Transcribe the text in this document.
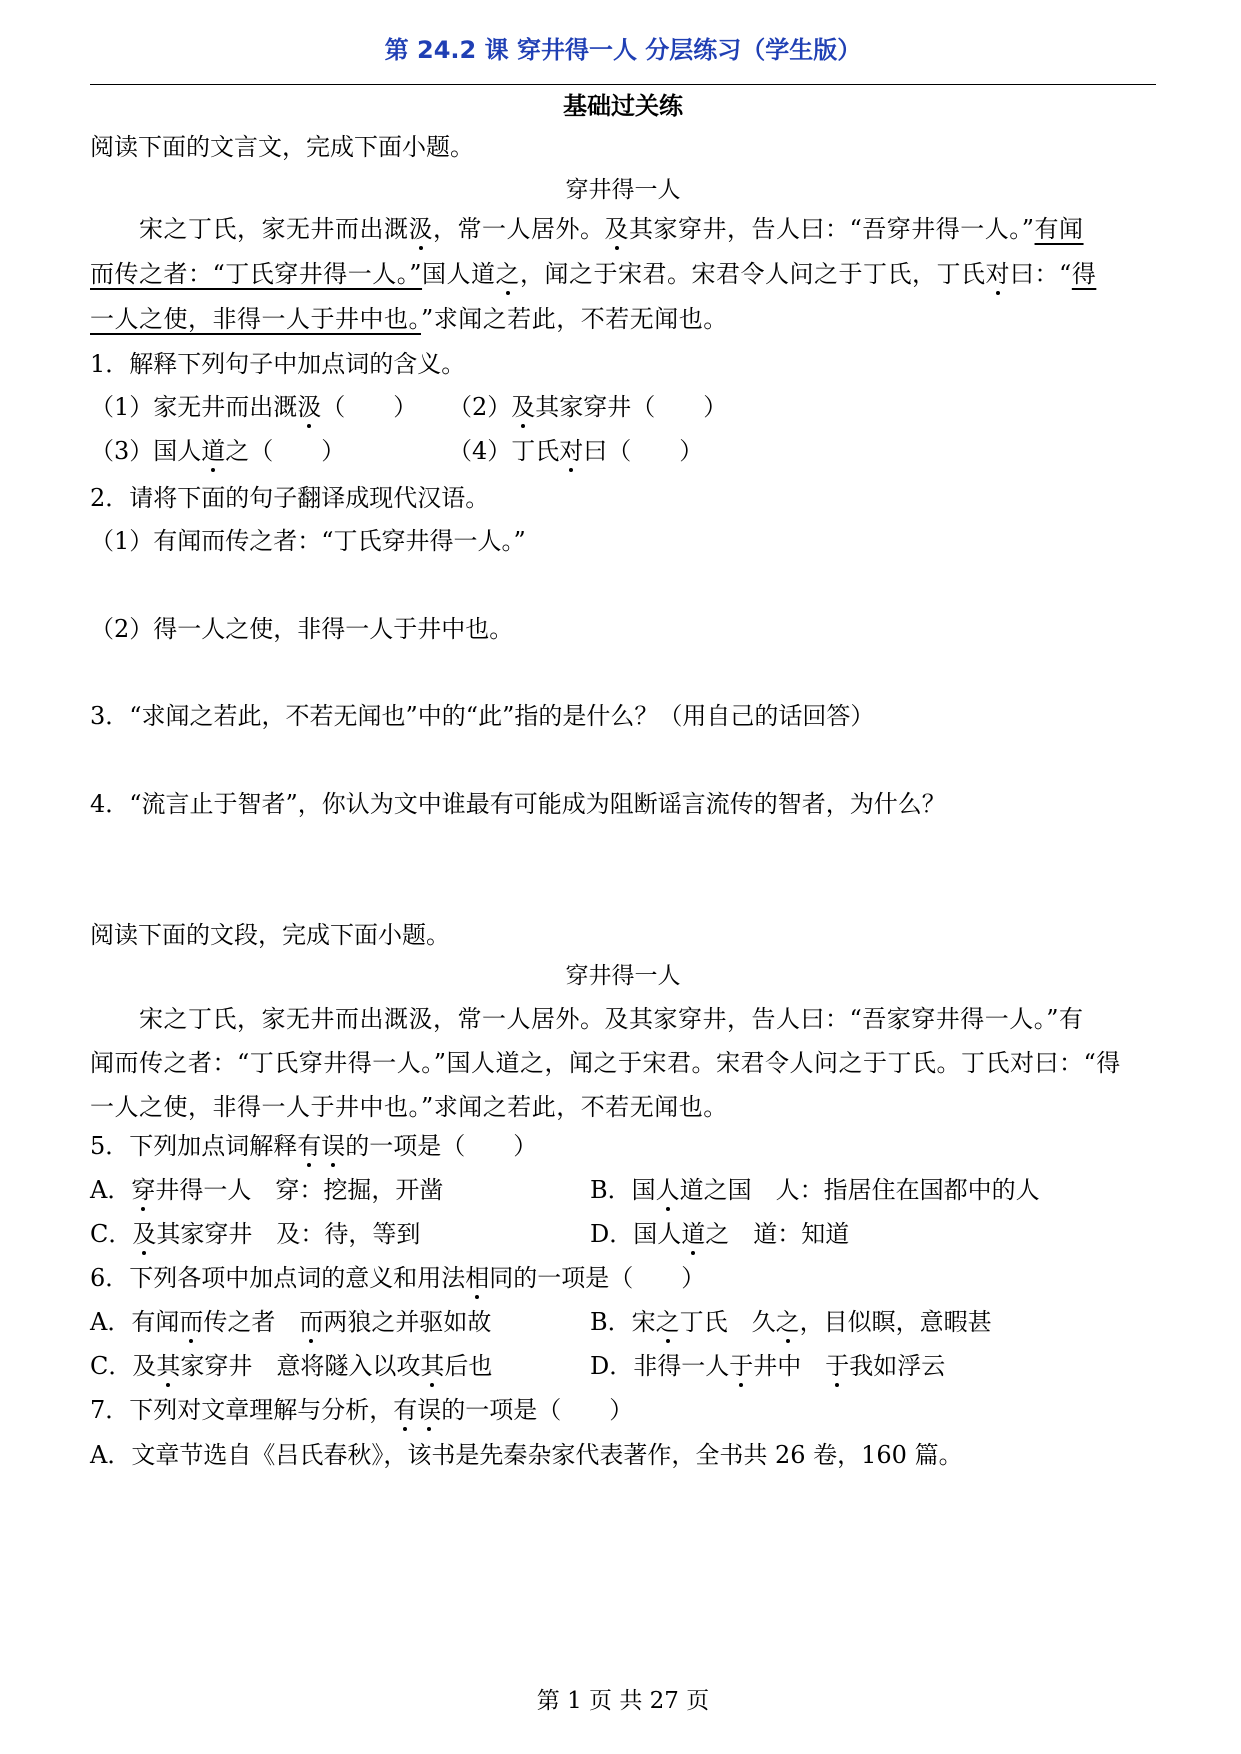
第 24.2 课 穿井得一人 分层练习（学生版）
基础过关练
阅读下面的文言文，完成下面小题。
穿井得一人
　　宋之丁氏，家无井而出溉汲，常一人居外。及其家穿井，告人曰：“吾穿井得一人。”有闻
而传之者：“丁氏穿井得一人。”国人道之，闻之于宋君。宋君令人问之于丁氏，丁氏对曰：“得
一人之使，非得一人于井中也。”求闻之若此，不若无闻也。
1．解释下列句子中加点词的含义。
（1）家无井而出溉汲（　　） （2）及其家穿井（　　）
（3）国人道之（　　）	（4）丁氏对曰（　　）
2．请将下面的句子翻译成现代汉语。
（1）有闻而传之者：“丁氏穿井得一人。”
（2）得一人之使，非得一人于井中也。
3．“求闻之若此，不若无闻也”中的“此”指的是什么？（用自己的话回答）
4．“流言止于智者”，你认为文中谁最有可能成为阻断谣言流传的智者，为什么？
阅读下面的文段，完成下面小题。
穿井得一人
　　宋之丁氏，家无井而出溉汲，常一人居外。及其家穿井，告人曰：“吾家穿井得一人。”有
闻而传之者：“丁氏穿井得一人。”国人道之，闻之于宋君。宋君令人问之于丁氏。丁氏对曰：“得
一人之使，非得一人于井中也。”求闻之若此，不若无闻也。
5．下列加点词解释有误的一项是（　　）
A．穿井得一人　穿：挖掘，开凿	B．国人道之国　人：指居住在国都中的人
C．及其家穿井　及：待，等到	D．国人道之　道：知道
6．下列各项中加点词的意义和用法相同的一项是（　　）
A．有闻而传之者　而两狼之并驱如故	B．宋之丁氏　久之，目似瞑，意暇甚
C．及其家穿井　意将隧入以攻其后也	D．非得一人于井中　于我如浮云
7．下列对文章理解与分析，有误的一项是（　　）
A．文章节选自《吕氏春秋》，该书是先秦杂家代表著作，全书共 26 卷，160 篇。
第 1 页 共 27 页
